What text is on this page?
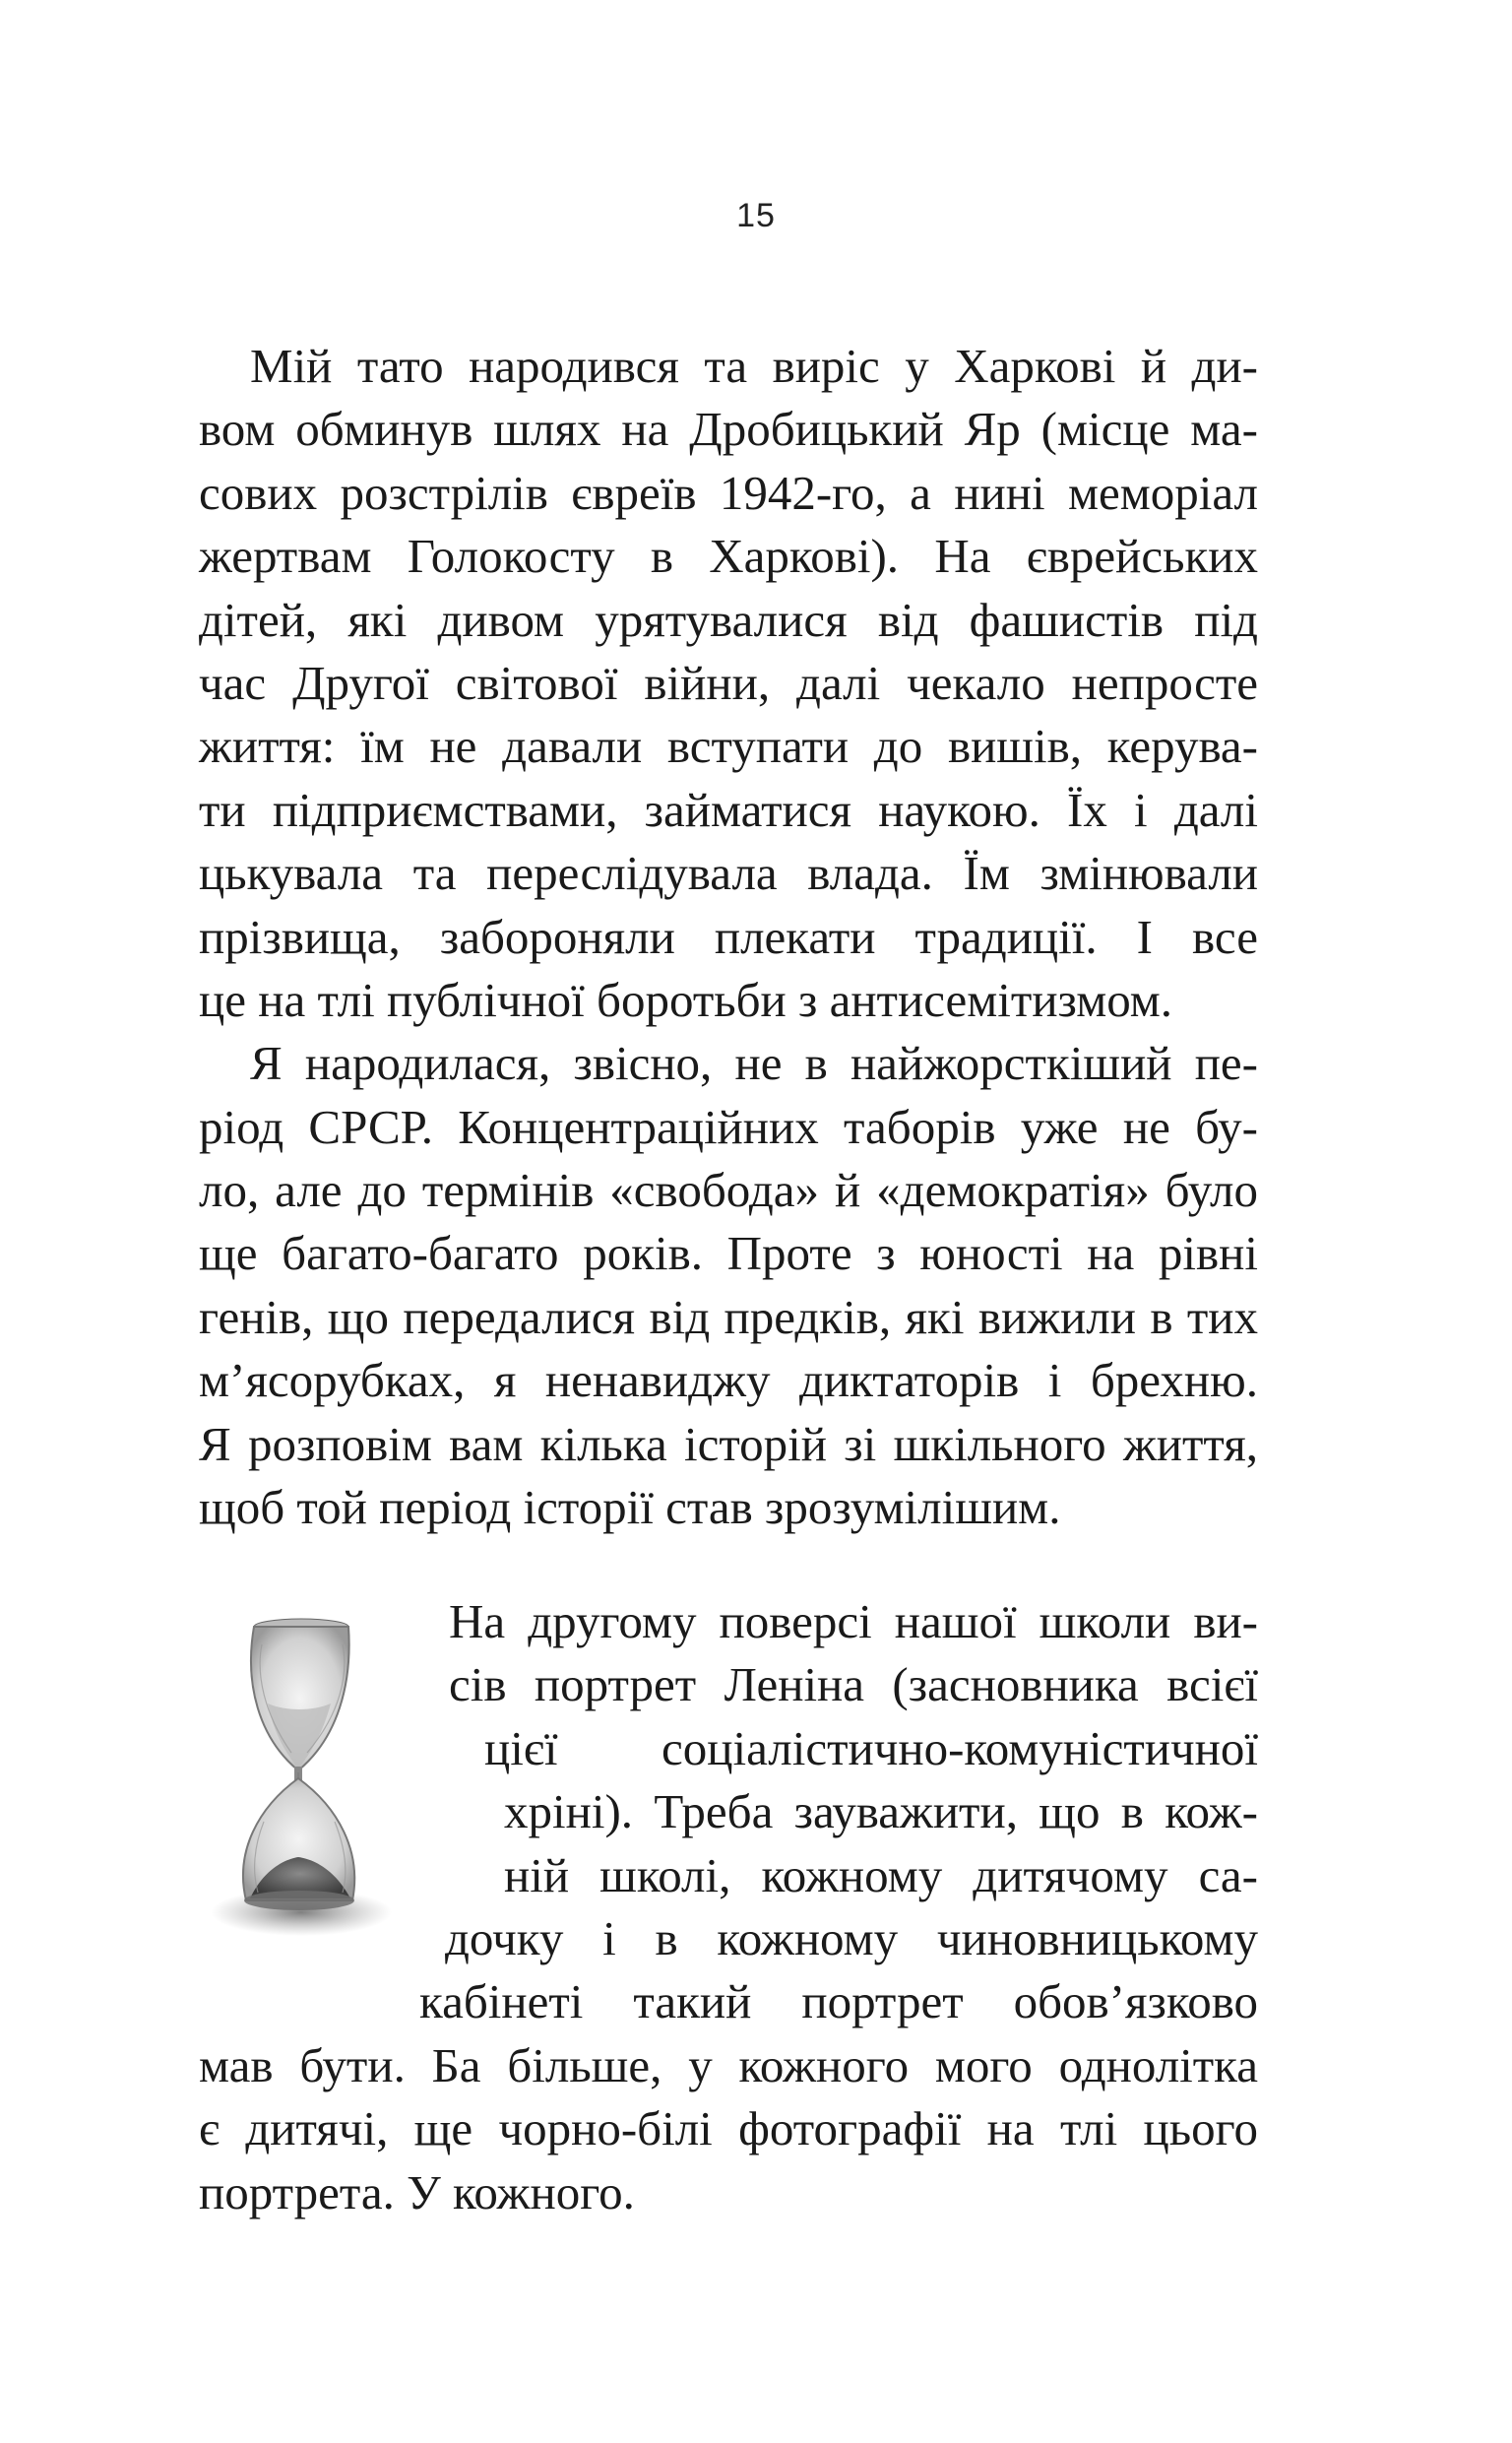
15
Мій тато народився та виріс у Харкові й ди-
вом обминув шлях на Дробицький Яр (місце ма-
сових розстрілів євреїв 1942-го, а нині меморіал
жертвам Голокосту в Харкові). На єврейських
дітей, які дивом урятувалися від фашистів під
час Другої світової війни, далі чекало непросте
життя: їм не давали вступати до вишів, керува-
ти підприємствами, займатися наукою. Їх і далі
цькувала та переслідувала влада. Їм змінювали
прізвища, забороняли плекати традиції. І все
це на тлі публічної боротьби з антисемітизмом.
Я народилася, звісно, не в найжорсткіший пе-
ріод СРСР. Концентраційних таборів уже не бу-
ло, але до термінів «свобода» й «демократія» було
ще багато-багато років. Проте з юності на рівні
генів, що передалися від предків, які вижили в тих
м’ясорубках, я ненавиджу диктаторів і брехню.
Я розповім вам кілька історій зі шкільного життя,
щоб той період історії став зрозумілішим.
На другому поверсі нашої школи ви-
сів портрет Леніна (засновника всієї
цієї соціалістично-комуністичної
хріні). Треба зауважити, що в кож-
ній школі, кожному дитячому са-
дочку і в кожному чиновницькому
кабінеті такий портрет обов’язково
мав бути. Ба більше, у кожного мого однолітка
є дитячі, ще чорно-білі фотографії на тлі цього
портрета. У кожного.
